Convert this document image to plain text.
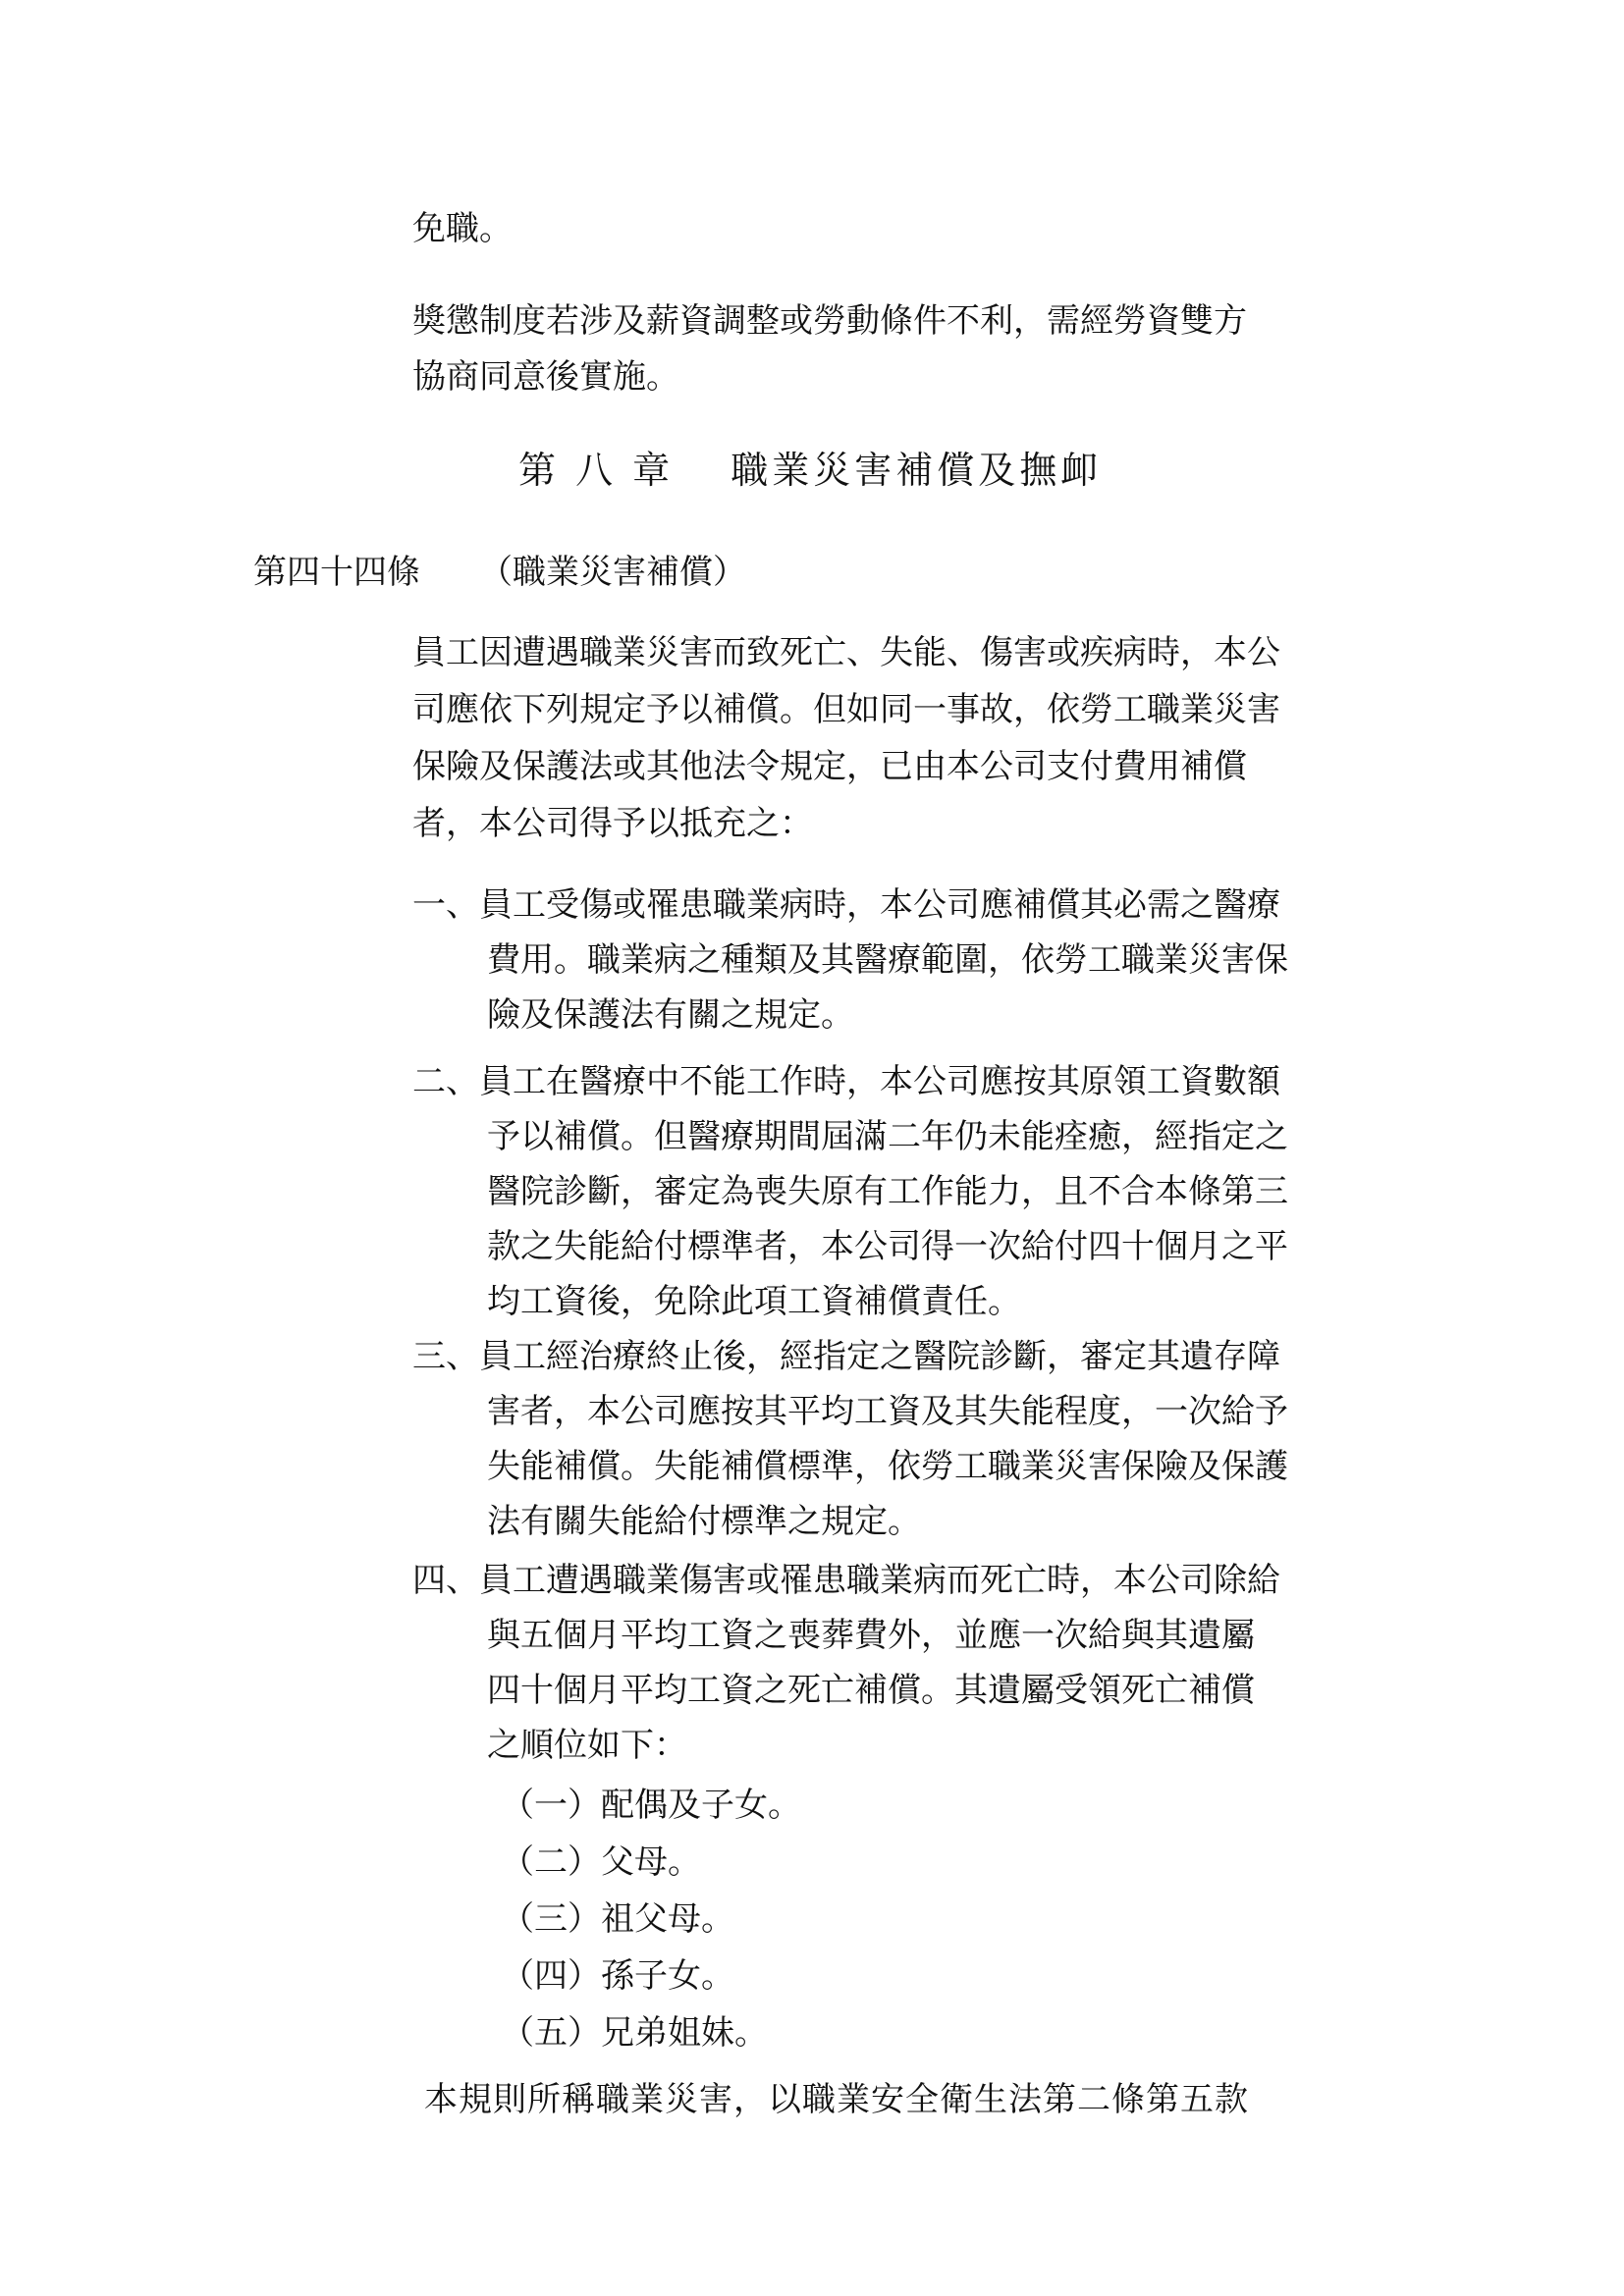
免職。
獎懲制度若涉及薪資調整或勞動條件不利，需經勞資雙方
協商同意後實施。
第 八 章　 職業災害補償及撫卹
第四十四條 （職業災害補償）
員工因遭遇職業災害而致死亡、失能、傷害或疾病時，本公
司應依下列規定予以補償。但如同一事故，依勞工職業災害
保險及保護法或其他法令規定，已由本公司支付費用補償
者，本公司得予以抵充之：
一、 員工受傷或罹患職業病時，本公司應補償其必需之醫療
費用。職業病之種類及其醫療範圍，依勞工職業災害保
險及保護法有關之規定。
二、 員工在醫療中不能工作時，本公司應按其原領工資數額
予以補償。但醫療期間屆滿二年仍未能痊癒，經指定之
醫院診斷，審定為喪失原有工作能力，且不合本條第三
款之失能給付標準者，本公司得一次給付四十個月之平
均工資後，免除此項工資補償責任。
三、 員工經治療終止後，經指定之醫院診斷，審定其遺存障
害者，本公司應按其平均工資及其失能程度，一次給予
失能補償。失能補償標準，依勞工職業災害保險及保護
法有關失能給付標準之規定。
四、 員工遭遇職業傷害或罹患職業病而死亡時，本公司除給
與五個月平均工資之喪葬費外，並應一次給與其遺屬
四十個月平均工資之死亡補償。其遺屬受領死亡補償
之順位如下：
（一）配偶及子女。
（二）父母。
（三）祖父母。
（四）孫子女。
（五）兄弟姐妹。
本規則所稱職業災害，以職業安全衛生法第二條第五款
